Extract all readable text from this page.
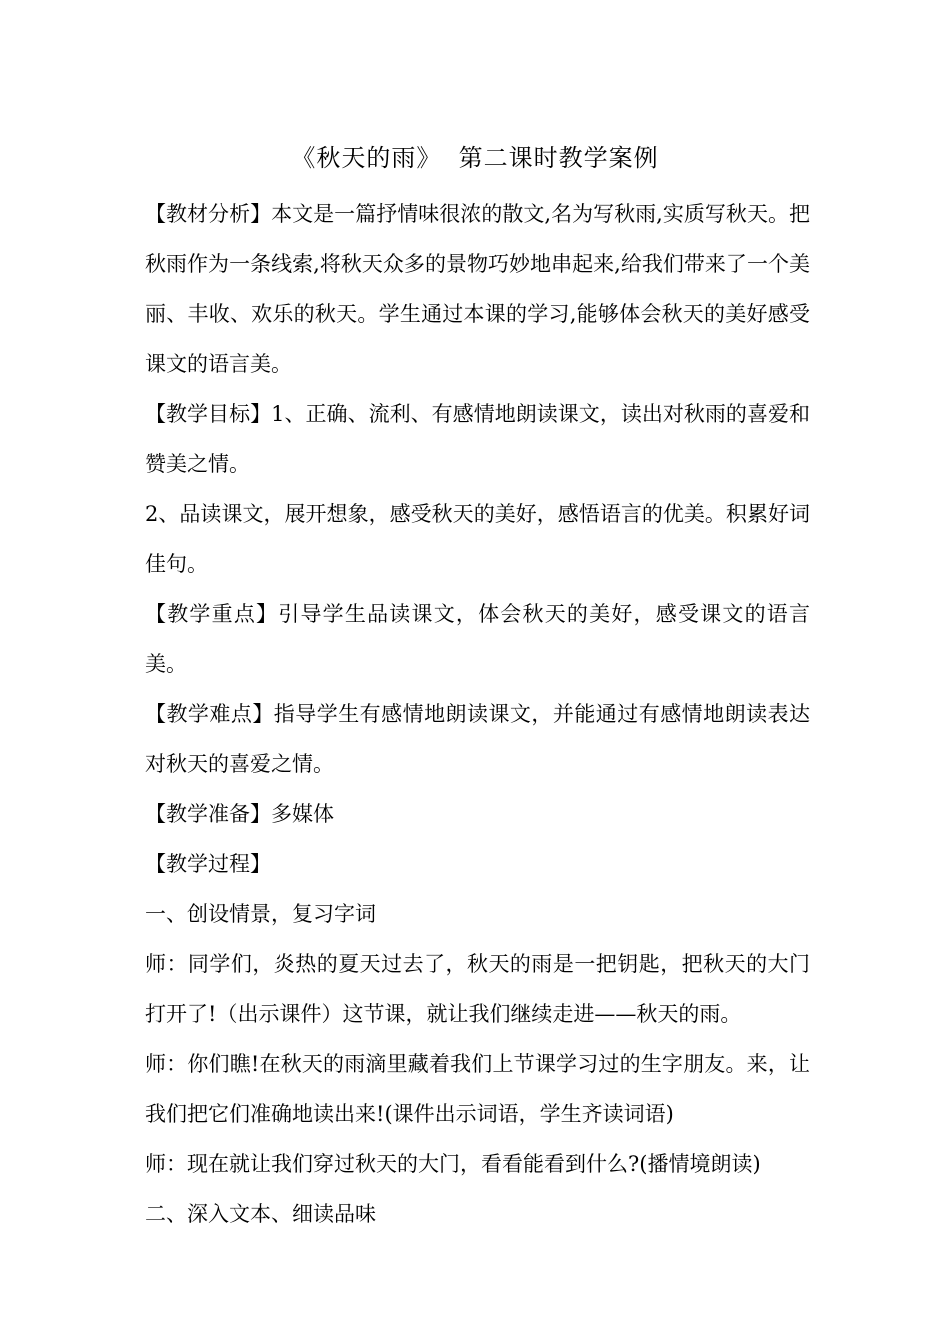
《秋天的雨》  第二课时教学案例

【教材分析】本文是一篇抒情味很浓的散文,名为写秋雨,实质写秋天。把秋雨作为一条线索,将秋天众多的景物巧妙地串起来,给我们带来了一个美丽、丰收、欢乐的秋天。学生通过本课的学习,能够体会秋天的美好感受课文的语言美。

【教学目标】1、正确、流利、有感情地朗读课文，读出对秋雨的喜爱和赞美之情。

2、品读课文，展开想象，感受秋天的美好，感悟语言的优美。积累好词佳句。

【教学重点】引导学生品读课文，体会秋天的美好，感受课文的语言美。

【教学难点】指导学生有感情地朗读课文，并能通过有感情地朗读表达对秋天的喜爱之情。

【教学准备】多媒体

【教学过程】

一、创设情景，复习字词

师：同学们，炎热的夏天过去了，秋天的雨是一把钥匙，把秋天的大门打开了!（出示课件）这节课，就让我们继续走进——秋天的雨。

师：你们瞧!在秋天的雨滴里藏着我们上节课学习过的生字朋友。来，让我们把它们准确地读出来!(课件出示词语，学生齐读词语)

师：现在就让我们穿过秋天的大门，看看能看到什么?(播情境朗读)

二、深入文本、细读品味
